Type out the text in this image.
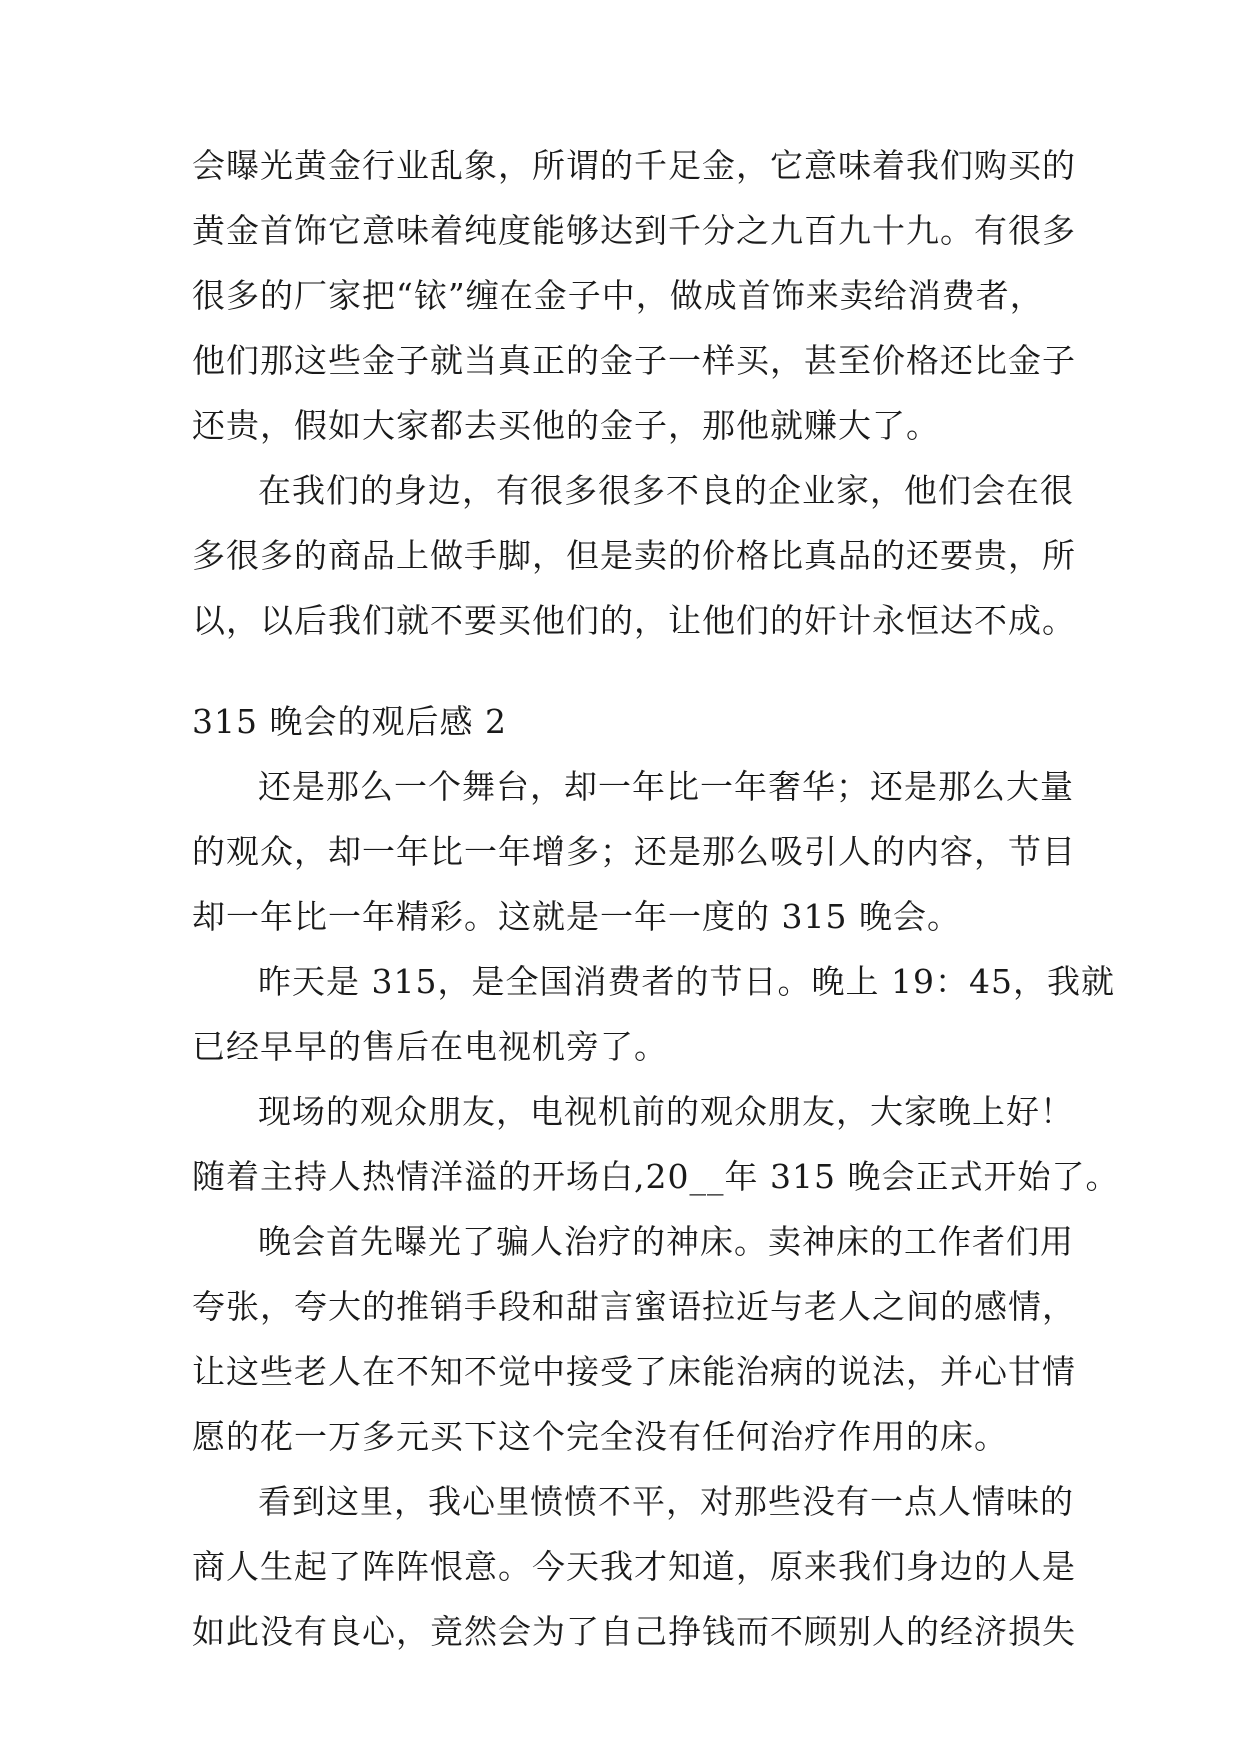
会曝光黄金行业乱象，所谓的千足金，它意味着我们购买的
黄金首饰它意味着纯度能够达到千分之九百九十九。有很多
很多的厂家把“铱”缠在金子中，做成首饰来卖给消费者，
他们那这些金子就当真正的金子一样买，甚至价格还比金子
还贵，假如大家都去买他的金子，那他就赚大了。
在我们的身边，有很多很多不良的企业家，他们会在很
多很多的商品上做手脚，但是卖的价格比真品的还要贵，所
以，以后我们就不要买他们的，让他们的奸计永恒达不成。
315 晚会的观后感 2
还是那么一个舞台，却一年比一年奢华；还是那么大量
的观众，却一年比一年增多；还是那么吸引人的内容，节目
却一年比一年精彩。这就是一年一度的 315 晚会。
昨天是 315，是全国消费者的节日。晚上 19：45，我就
已经早早的售后在电视机旁了。
现场的观众朋友，电视机前的观众朋友，大家晚上好！
随着主持人热情洋溢的开场白,20__年 315 晚会正式开始了。
晚会首先曝光了骗人治疗的神床。卖神床的工作者们用
夸张，夸大的推销手段和甜言蜜语拉近与老人之间的感情，
让这些老人在不知不觉中接受了床能治病的说法，并心甘情
愿的花一万多元买下这个完全没有任何治疗作用的床。
看到这里，我心里愤愤不平，对那些没有一点人情味的
商人生起了阵阵恨意。今天我才知道，原来我们身边的人是
如此没有良心，竟然会为了自己挣钱而不顾别人的经济损失
